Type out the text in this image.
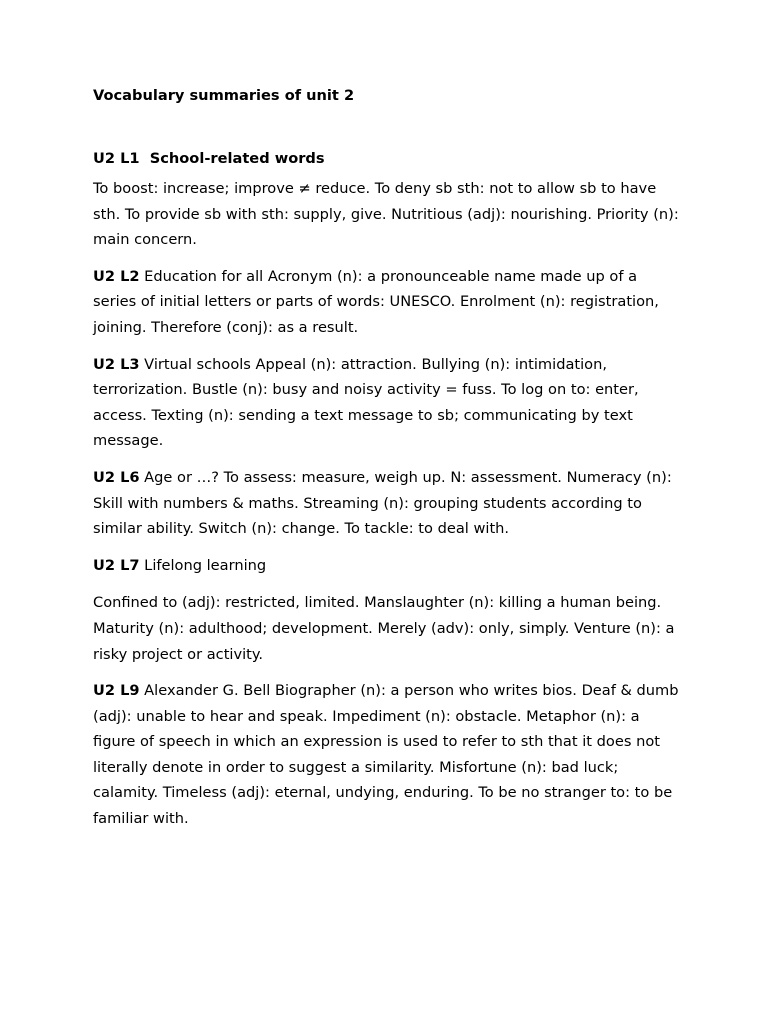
Vocabulary summaries of unit 2

U2 L1 School-related words

To boost: increase; improve ≠ reduce. To deny sb sth: not to allow sb to have sth. To provide sb with sth: supply, give. Nutritious (adj): nourishing. Priority (n): main concern.

U2 L2 Education for all Acronym (n): a pronounceable name made up of a series of initial letters or parts of words: UNESCO. Enrolment (n): registration, joining. Therefore (conj): as a result.

U2 L3 Virtual schools Appeal (n): attraction. Bullying (n): intimidation, terrorization. Bustle (n): busy and noisy activity = fuss. To log on to: enter, access. Texting (n): sending a text message to sb; communicating by text message.

U2 L6 Age or …? To assess: measure, weigh up. N: assessment. Numeracy (n): Skill with numbers & maths. Streaming (n): grouping students according to similar ability. Switch (n): change. To tackle: to deal with.

U2 L7 Lifelong learning

Confined to (adj): restricted, limited. Manslaughter (n): killing a human being. Maturity (n): adulthood; development. Merely (adv): only, simply. Venture (n): a risky project or activity.

U2 L9 Alexander G. Bell Biographer (n): a person who writes bios. Deaf & dumb (adj): unable to hear and speak. Impediment (n): obstacle. Metaphor (n): a figure of speech in which an expression is used to refer to sth that it does not literally denote in order to suggest a similarity. Misfortune (n): bad luck; calamity. Timeless (adj): eternal, undying, enduring. To be no stranger to: to be familiar with.
